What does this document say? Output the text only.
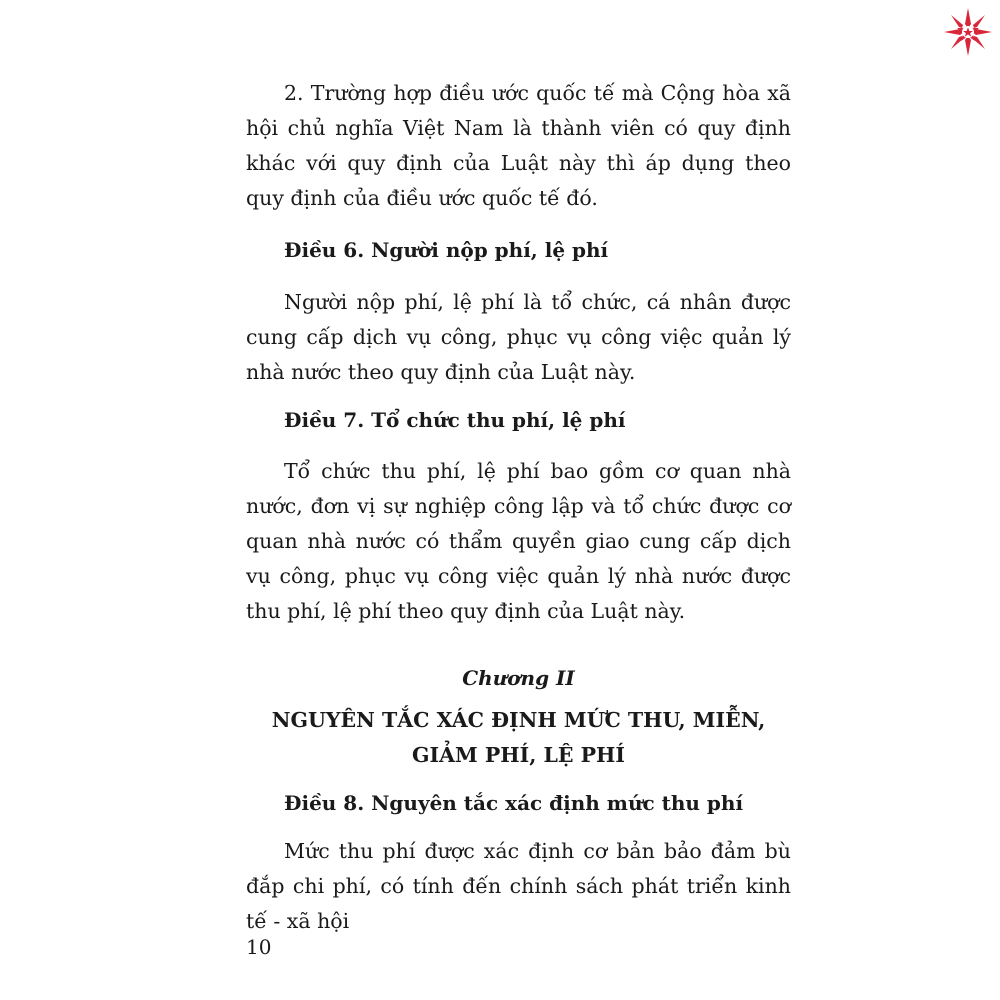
2. Trường hợp điều ước quốc tế mà Cộng hòa xã hội chủ nghĩa Việt Nam là thành viên có quy định khác với quy định của Luật này thì áp dụng theo quy định của điều ước quốc tế đó.

Điều 6. Người nộp phí, lệ phí

Người nộp phí, lệ phí là tổ chức, cá nhân được cung cấp dịch vụ công, phục vụ công việc quản lý nhà nước theo quy định của Luật này.

Điều 7. Tổ chức thu phí, lệ phí

Tổ chức thu phí, lệ phí bao gồm cơ quan nhà nước, đơn vị sự nghiệp công lập và tổ chức được cơ quan nhà nước có thẩm quyền giao cung cấp dịch vụ công, phục vụ công việc quản lý nhà nước được thu phí, lệ phí theo quy định của Luật này.

Chương II
NGUYÊN TẮC XÁC ĐỊNH MỨC THU, MIỄN,
GIẢM PHÍ, LỆ PHÍ

Điều 8. Nguyên tắc xác định mức thu phí

Mức thu phí được xác định cơ bản bảo đảm bù đắp chi phí, có tính đến chính sách phát triển kinh tế - xã hội

10
